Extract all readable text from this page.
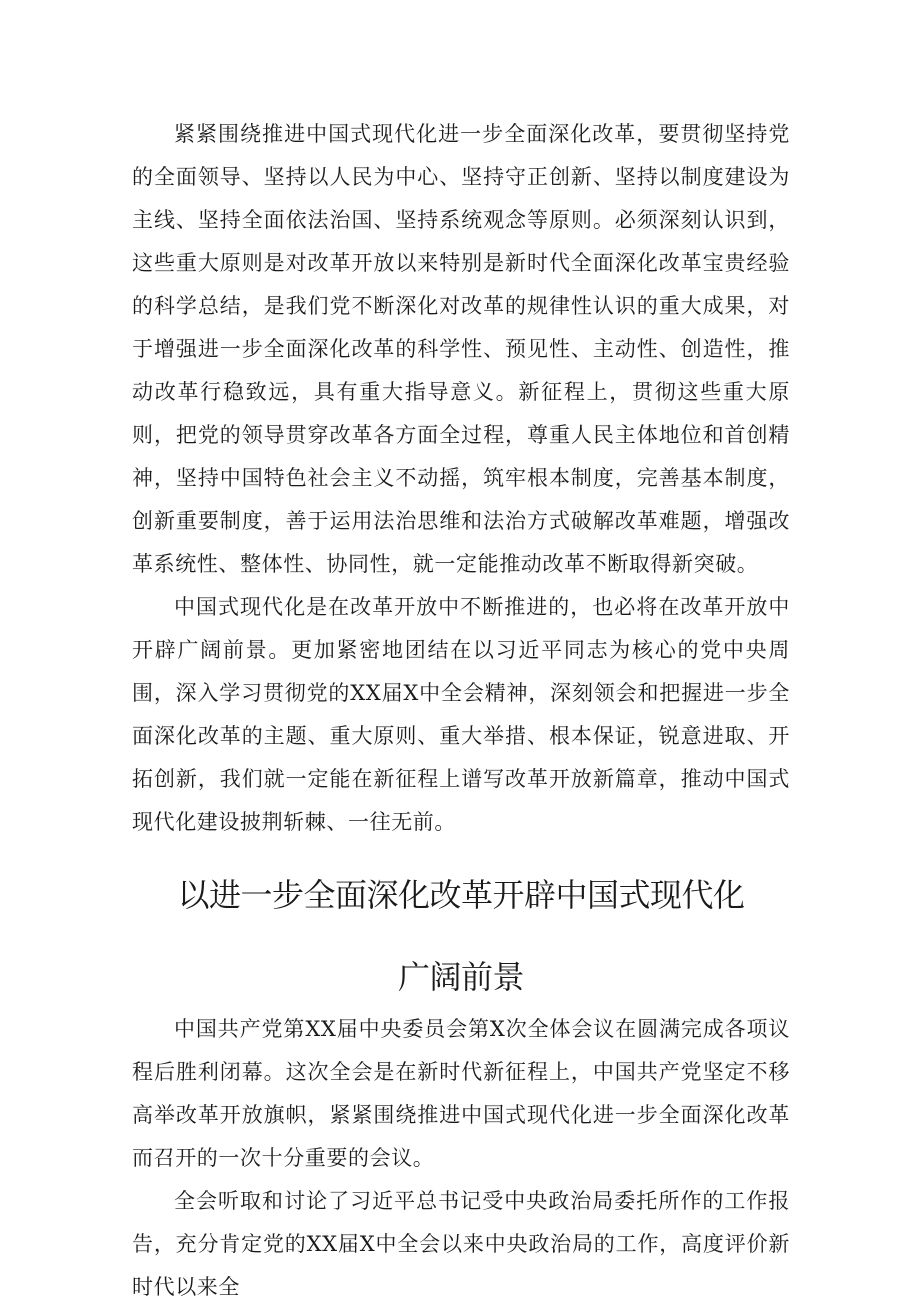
紧紧围绕推进中国式现代化进一步全面深化改革，要贯彻坚持党的全面领导、坚持以人民为中心、坚持守正创新、坚持以制度建设为主线、坚持全面依法治国、坚持系统观念等原则。必须深刻认识到，这些重大原则是对改革开放以来特别是新时代全面深化改革宝贵经验的科学总结，是我们党不断深化对改革的规律性认识的重大成果，对于增强进一步全面深化改革的科学性、预见性、主动性、创造性，推动改革行稳致远，具有重大指导意义。新征程上，贯彻这些重大原则，把党的领导贯穿改革各方面全过程，尊重人民主体地位和首创精神，坚持中国特色社会主义不动摇，筑牢根本制度，完善基本制度，创新重要制度，善于运用法治思维和法治方式破解改革难题，增强改革系统性、整体性、协同性，就一定能推动改革不断取得新突破。

中国式现代化是在改革开放中不断推进的，也必将在改革开放中开辟广阔前景。更加紧密地团结在以习近平同志为核心的党中央周围，深入学习贯彻党的XX届X中全会精神，深刻领会和把握进一步全面深化改革的主题、重大原则、重大举措、根本保证，锐意进取、开拓创新，我们就一定能在新征程上谱写改革开放新篇章，推动中国式现代化建设披荆斩棘、一往无前。

以进一步全面深化改革开辟中国式现代化
广阔前景

中国共产党第XX届中央委员会第X次全体会议在圆满完成各项议程后胜利闭幕。这次全会是在新时代新征程上，中国共产党坚定不移高举改革开放旗帜，紧紧围绕推进中国式现代化进一步全面深化改革而召开的一次十分重要的会议。

全会听取和讨论了习近平总书记受中央政治局委托所作的工作报告，充分肯定党的XX届X中全会以来中央政治局的工作，高度评价新时代以来全
